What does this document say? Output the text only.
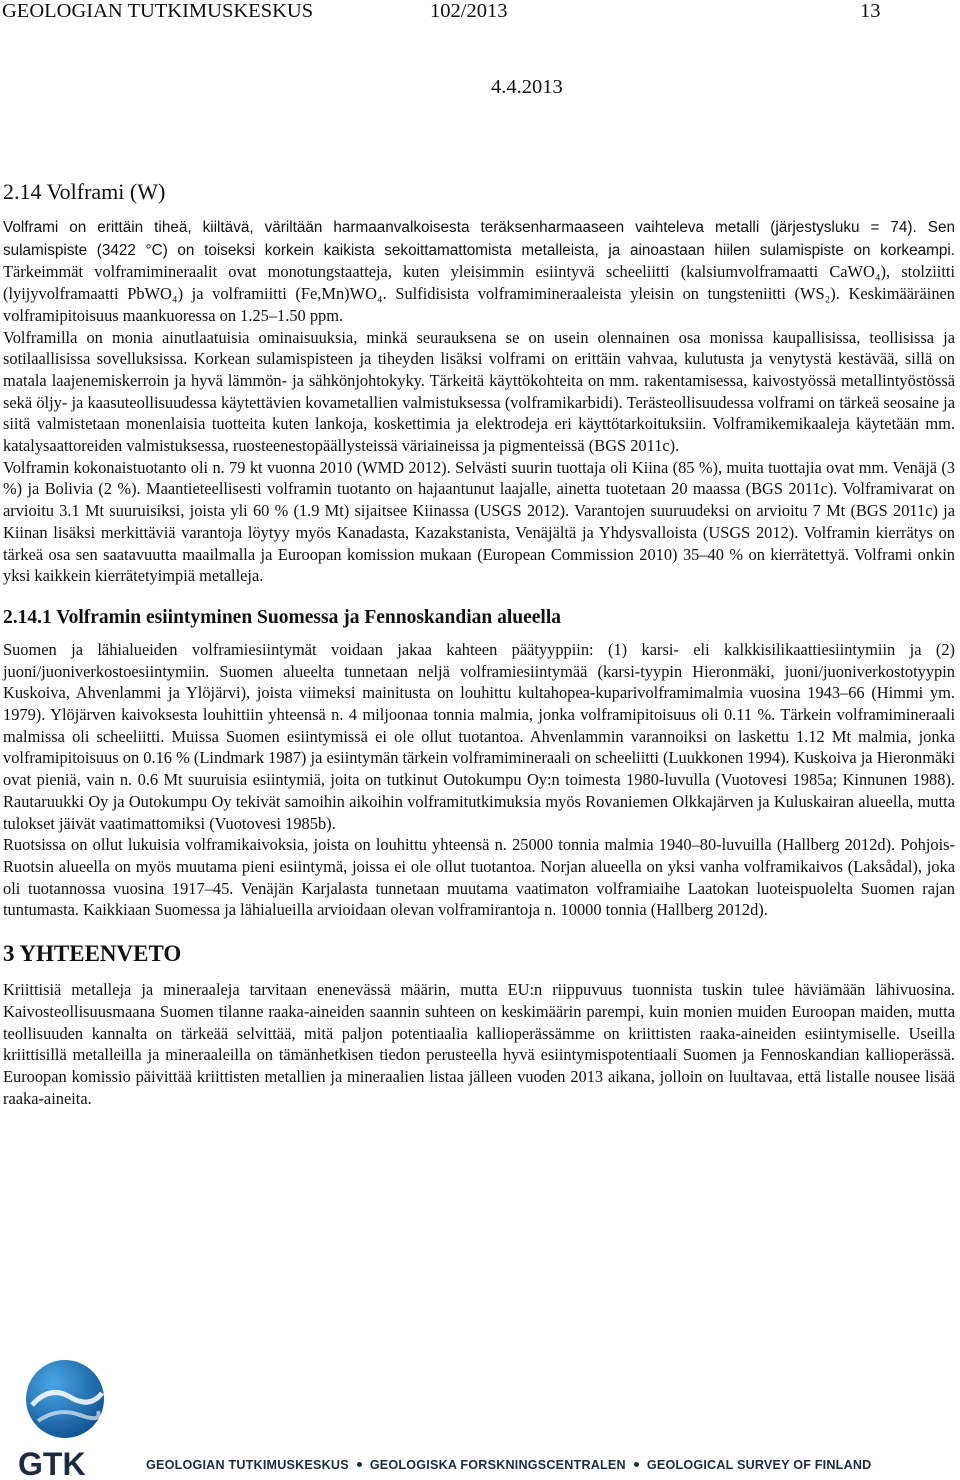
GEOLOGIAN TUTKIMUSKESKUS	102/2013	13
4.4.2013
2.14 Volframi (W)

Volframi on erittäin tiheä, kiiltävä, väriltään harmaanvalkoisesta teräksenharmaaseen vaihteleva metalli (järjestysluku = 74). Sen sulamispiste (3422 °C) on toiseksi korkein kaikista sekoittamattomista metalleista, ja ainoastaan hiilen sulamispiste on korkeampi. Tärkeimmät volframimineraalit ovat monotungstaatteja, kuten yleisimmin esiintyvä scheeliitti (kalsiumvolframaatti CaWO₄), stolziitti (lyijyvolframaatti PbWO₄) ja volframiitti (Fe,Mn)WO₄. Sulfidisista volframimineraaleista yleisin on tungsteniitti (WS₂). Keskimääräinen volframipitoisuus maankuoressa on 1.25–1.50 ppm.

Volframilla on monia ainutlaatuisia ominaisuuksia, minkä seurauksena se on usein olennainen osa monissa kaupallisissa, teollisissa ja sotilaallisissa sovelluksissa. Korkean sulamispisteen ja tiheyden lisäksi volframi on erittäin vahvaa, kulutusta ja venytystä kestävää, sillä on matala laajenemiskerroin ja hyvä lämmön- ja sähkönjohtokyky. Tärkeitä käyttökohteita on mm. rakentamisessa, kaivostyössä metallintyöstössä sekä öljy- ja kaasuteollisuudessa käytettävien kovametallien valmistuksessa (volframikarbidi). Terästeollisuudessa volframi on tärkeä seosaine ja siitä valmistetaan monenlaisia tuotteita kuten lankoja, koskettimia ja elektrodeja eri käyttötarkoituksiin. Volframikemikaaleja käytetään mm. katalysaattoreiden valmistuksessa, ruosteenestopäällysteissä väriaineissa ja pigmenteissä (BGS 2011c).

Volframin kokonaistuotanto oli n. 79 kt vuonna 2010 (WMD 2012). Selvästi suurin tuottaja oli Kiina (85 %), muita tuottajia ovat mm. Venäjä (3 %) ja Bolivia (2 %). Maantieteellisesti volframin tuotanto on hajaantunut laajalle, ainetta tuotetaan 20 maassa (BGS 2011c). Volframivarat on arvioitu 3.1 Mt suuruisiksi, joista yli 60 % (1.9 Mt) sijaitsee Kiinassa (USGS 2012). Varantojen suuruudeksi on arvioitu 7 Mt (BGS 2011c) ja Kiinan lisäksi merkittäviä varantoja löytyy myös Kanadasta, Kazakstanista, Venäjältä ja Yhdysvalloista (USGS 2012). Volframin kierrätys on tärkeä osa sen saatavuutta maailmalla ja Euroopan komission mukaan (European Commission 2010) 35–40 % on kierrätettyä. Volframi onkin yksi kaikkein kierrätetyimpiä metalleja.

2.14.1 Volframin esiintyminen Suomessa ja Fennoskandian alueella

Suomen ja lähialueiden volframiesiintymät voidaan jakaa kahteen päätyyppiin: (1) karsi- eli kalkkisilikaattiesiintymiin ja (2) juoni/juoniverkostoesiintymiin. Suomen alueelta tunnetaan neljä volframiesiintymää (karsi-tyypin Hieronmäki, juoni/juoniverkostotyypin Kuskoiva, Ahvenlammi ja Ylöjärvi), joista viimeksi mainitusta on louhittu kultahopea-kuparivolframimalmia vuosina 1943–66 (Himmi ym. 1979). Ylöjärven kaivoksesta louhittiin yhteensä n. 4 miljoonaa tonnia malmia, jonka volframipitoisuus oli 0.11 %. Tärkein volframimineraali malmissa oli scheeliitti. Muissa Suomen esiintymissä ei ole ollut tuotantoa. Ahvenlammin varannoiksi on laskettu 1.12 Mt malmia, jonka volframipitoisuus on 0.16 % (Lindmark 1987) ja esiintymän tärkein volframimineraali on scheeliitti (Luukkonen 1994). Kuskoiva ja Hieronmäki ovat pieniä, vain n. 0.6 Mt suuruisia esiintymiä, joita on tutkinut Outokumpu Oy:n toimesta 1980-luvulla (Vuotovesi 1985a; Kinnunen 1988). Rautaruukki Oy ja Outokumpu Oy tekivät samoihin aikoihin volframitutkimuksia myös Rovaniemen Olkkajärven ja Kuluskairan alueella, mutta tulokset jäivät vaatimattomiksi (Vuotovesi 1985b).

Ruotsissa on ollut lukuisia volframikaivoksia, joista on louhittu yhteensä n. 25000 tonnia malmia 1940–80-luvuilla (Hallberg 2012d). Pohjois-Ruotsin alueella on myös muutama pieni esiintymä, joissa ei ole ollut tuotantoa. Norjan alueella on yksi vanha volframikaivos (Laksådal), joka oli tuotannossa vuosina 1917–45. Venäjän Karjalasta tunnetaan muutama vaatimaton volframiaihe Laatokan luoteispuolelta Suomen rajan tuntumasta. Kaikkiaan Suomessa ja lähialueilla arvioidaan olevan volframirantoja n. 10000 tonnia (Hallberg 2012d).

3 YHTEENVETO

Kriittisiä metalleja ja mineraaleja tarvitaan enenevässä määrin, mutta EU:n riippuvuus tuonnista tuskin tulee häviämään lähivuosina. Kaivosteollisuusmaana Suomen tilanne raaka-aineiden saannin suhteen on keskimäärin parempi, kuin monien muiden Euroopan maiden, mutta teollisuuden kannalta on tärkeää selvittää, mitä paljon potentiaalia kallioperässämme on kriittisten raaka-aineiden esiintymiselle. Useilla kriittisillä metalleilla ja mineraaleilla on tämänhetkisen tiedon perusteella hyvä esiintymispotentiaali Suomen ja Fennoskandian kallioperässä. Euroopan komissio päivittää kriittisten metallien ja mineraalien listaa jälleen vuoden 2013 aikana, jolloin on luultavaa, että listalle nousee lisää raaka-aineita.

GTK	GEOLOGIAN TUTKIMUSKESKUS GEOLOGISKA FORSKNINGSCENTRALEN GEOLOGICAL SURVEY OF FINLAND
